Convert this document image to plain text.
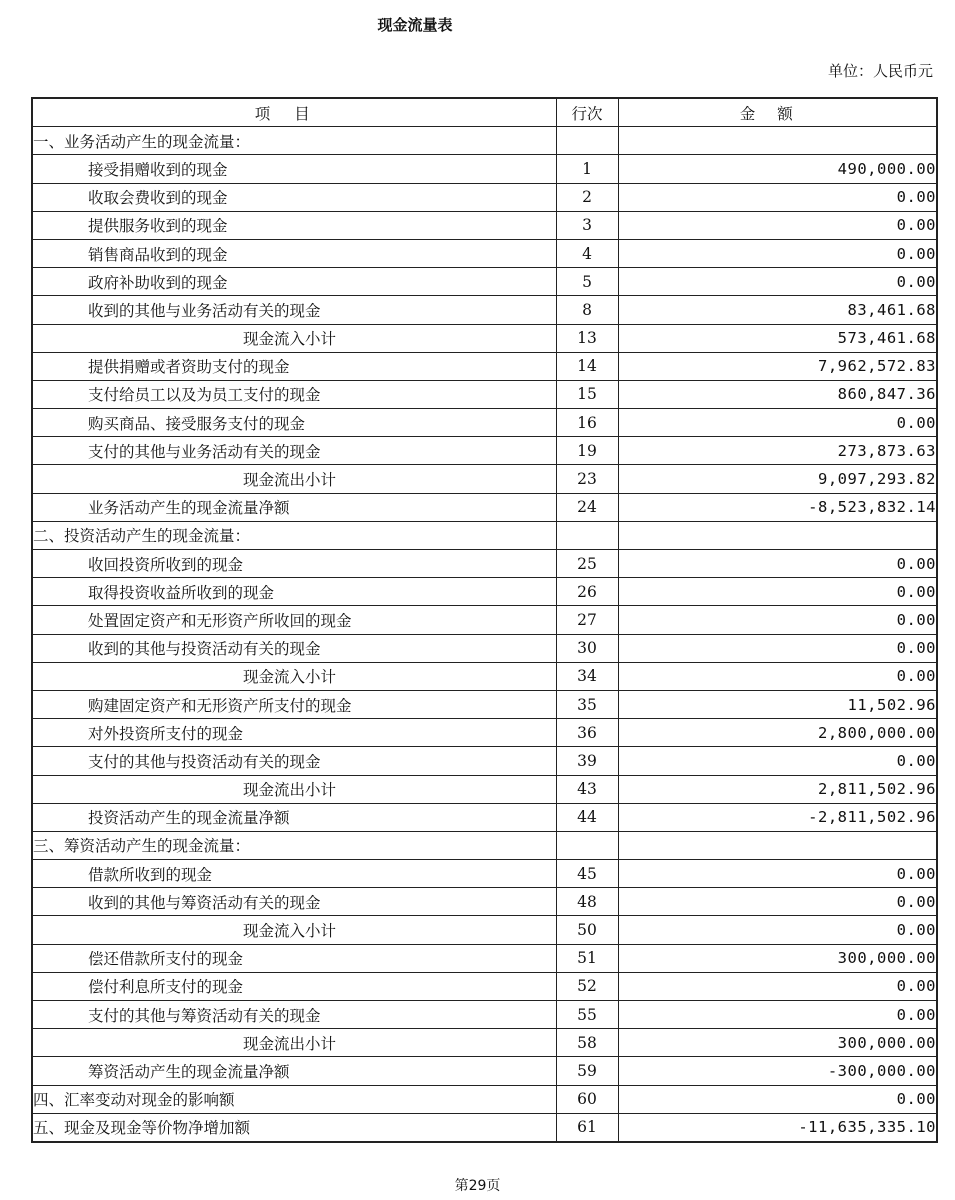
现金流量表
单位：人民币元
项目	行次	金额
一、业务活动产生的现金流量：		
接受捐赠收到的现金	1	490,000.00
收取会费收到的现金	2	0.00
提供服务收到的现金	3	0.00
销售商品收到的现金	4	0.00
政府补助收到的现金	5	0.00
收到的其他与业务活动有关的现金	8	83,461.68
现金流入小计	13	573,461.68
提供捐赠或者资助支付的现金	14	7,962,572.83
支付给员工以及为员工支付的现金	15	860,847.36
购买商品、接受服务支付的现金	16	0.00
支付的其他与业务活动有关的现金	19	273,873.63
现金流出小计	23	9,097,293.82
业务活动产生的现金流量净额	24	-8,523,832.14
二、投资活动产生的现金流量：		
收回投资所收到的现金	25	0.00
取得投资收益所收到的现金	26	0.00
处置固定资产和无形资产所收回的现金	27	0.00
收到的其他与投资活动有关的现金	30	0.00
现金流入小计	34	0.00
购建固定资产和无形资产所支付的现金	35	11,502.96
对外投资所支付的现金	36	2,800,000.00
支付的其他与投资活动有关的现金	39	0.00
现金流出小计	43	2,811,502.96
投资活动产生的现金流量净额	44	-2,811,502.96
三、筹资活动产生的现金流量：		
借款所收到的现金	45	0.00
收到的其他与筹资活动有关的现金	48	0.00
现金流入小计	50	0.00
偿还借款所支付的现金	51	300,000.00
偿付利息所支付的现金	52	0.00
支付的其他与筹资活动有关的现金	55	0.00
现金流出小计	58	300,000.00
筹资活动产生的现金流量净额	59	-300,000.00
四、汇率变动对现金的影响额	60	0.00
五、现金及现金等价物净增加额	61	-11,635,335.10
第29页
